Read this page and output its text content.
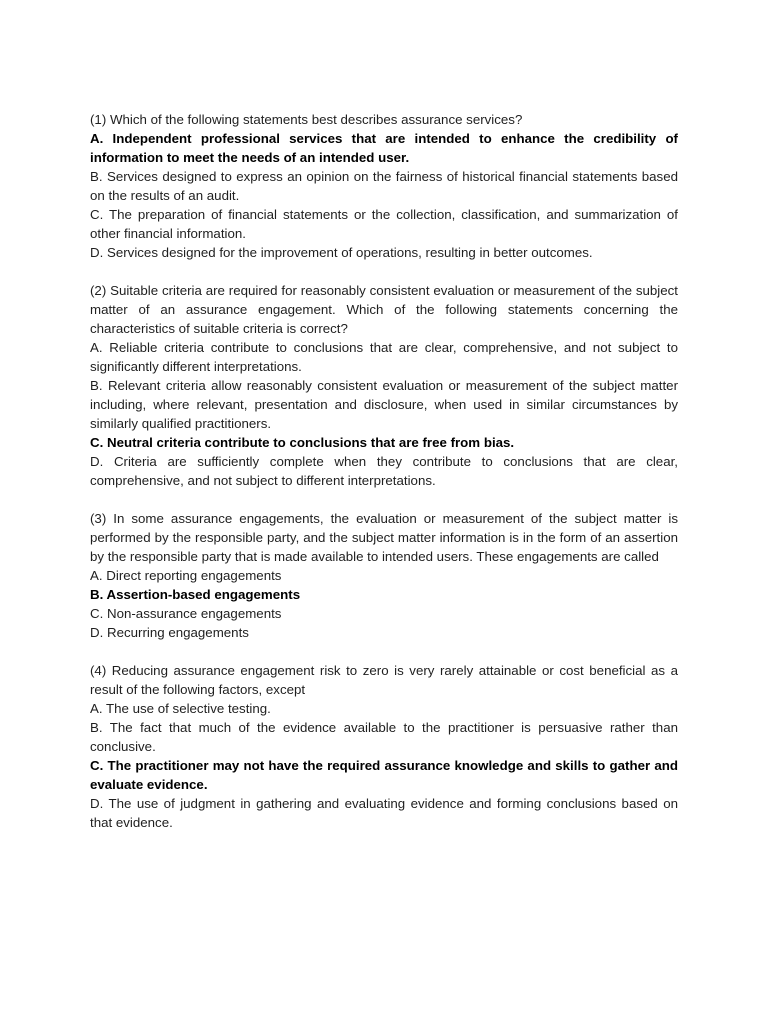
(1) Which of the following statements best describes assurance services?

A. Independent professional services that are intended to enhance the credibility of information to meet the needs of an intended user.

B. Services designed to express an opinion on the fairness of historical financial statements based on the results of an audit.

C. The preparation of financial statements or the collection, classification, and summarization of other financial information.

D. Services designed for the improvement of operations, resulting in better outcomes.

(2) Suitable criteria are required for reasonably consistent evaluation or measurement of the subject matter of an assurance engagement. Which of the following statements concerning the characteristics of suitable criteria is correct?

A. Reliable criteria contribute to conclusions that are clear, comprehensive, and not subject to significantly different interpretations.

B. Relevant criteria allow reasonably consistent evaluation or measurement of the subject matter including, where relevant, presentation and disclosure, when used in similar circumstances by similarly qualified practitioners.

C. Neutral criteria contribute to conclusions that are free from bias.

D. Criteria are sufficiently complete when they contribute to conclusions that are clear, comprehensive, and not subject to different interpretations.

(3) In some assurance engagements, the evaluation or measurement of the subject matter is performed by the responsible party, and the subject matter information is in the form of an assertion by the responsible party that is made available to intended users. These engagements are called

A. Direct reporting engagements

B. Assertion-based engagements

C. Non-assurance engagements

D. Recurring engagements

(4) Reducing assurance engagement risk to zero is very rarely attainable or cost beneficial as a result of the following factors, except

A. The use of selective testing.

B. The fact that much of the evidence available to the practitioner is persuasive rather than conclusive.

C. The practitioner may not have the required assurance knowledge and skills to gather and evaluate evidence.

D. The use of judgment in gathering and evaluating evidence and forming conclusions based on that evidence.
